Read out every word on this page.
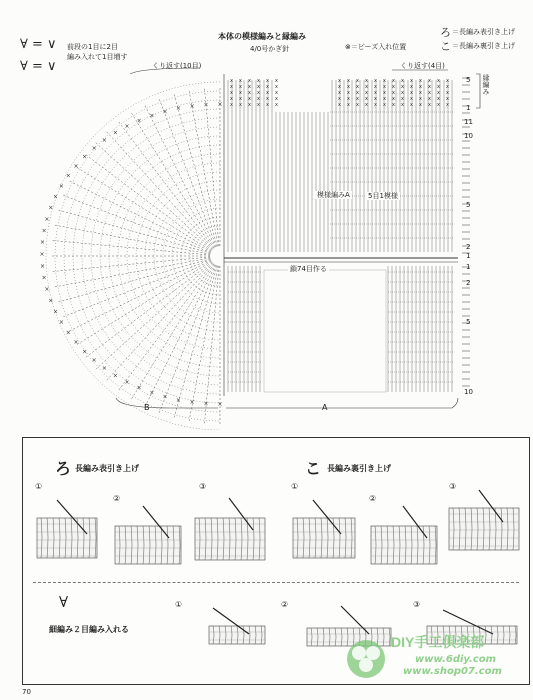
∀ = ∨
∀ = ∨
前段の1目に2目
編み入れて1目増す
本体の模様編みと縁編み
4/0号かぎ針	⊗＝ビーズ入れ位置
ろ ＝長編み表引き上げ
こ ＝長編み裏引き上げ
くり返す(10目)	くり返す(4目)
×
×
×
×
×
×
×
×
×
×
×
×
×
×
×
×
×
×
×
×
×
×
×
×
×
×
×
×
×
×
×
×
×
×
×
×
× × × × ×
x x x x x x	x x x x x x x x x x x x x
x x x x x x	x x x x x x x x x x x x x
x x x x x x	x x x x x x x x x x x x x
x x x x x x	x x x x x x x x x x x x x
x x x x x x	x x x x x x x x x x x x x
模様編みA	5目1模様
鎖74目作る
縁編み
A
B
5
1
11
10
5
2
1
1
2
5
10
ろ 長編み表引き上げ	こ 長編み裏引き上げ
①
②
③	①
②
③
∀
細編み２目編み入れる
①	②	③
DIY手工俱楽部
www.6diy.com
www.shop07.com
70
